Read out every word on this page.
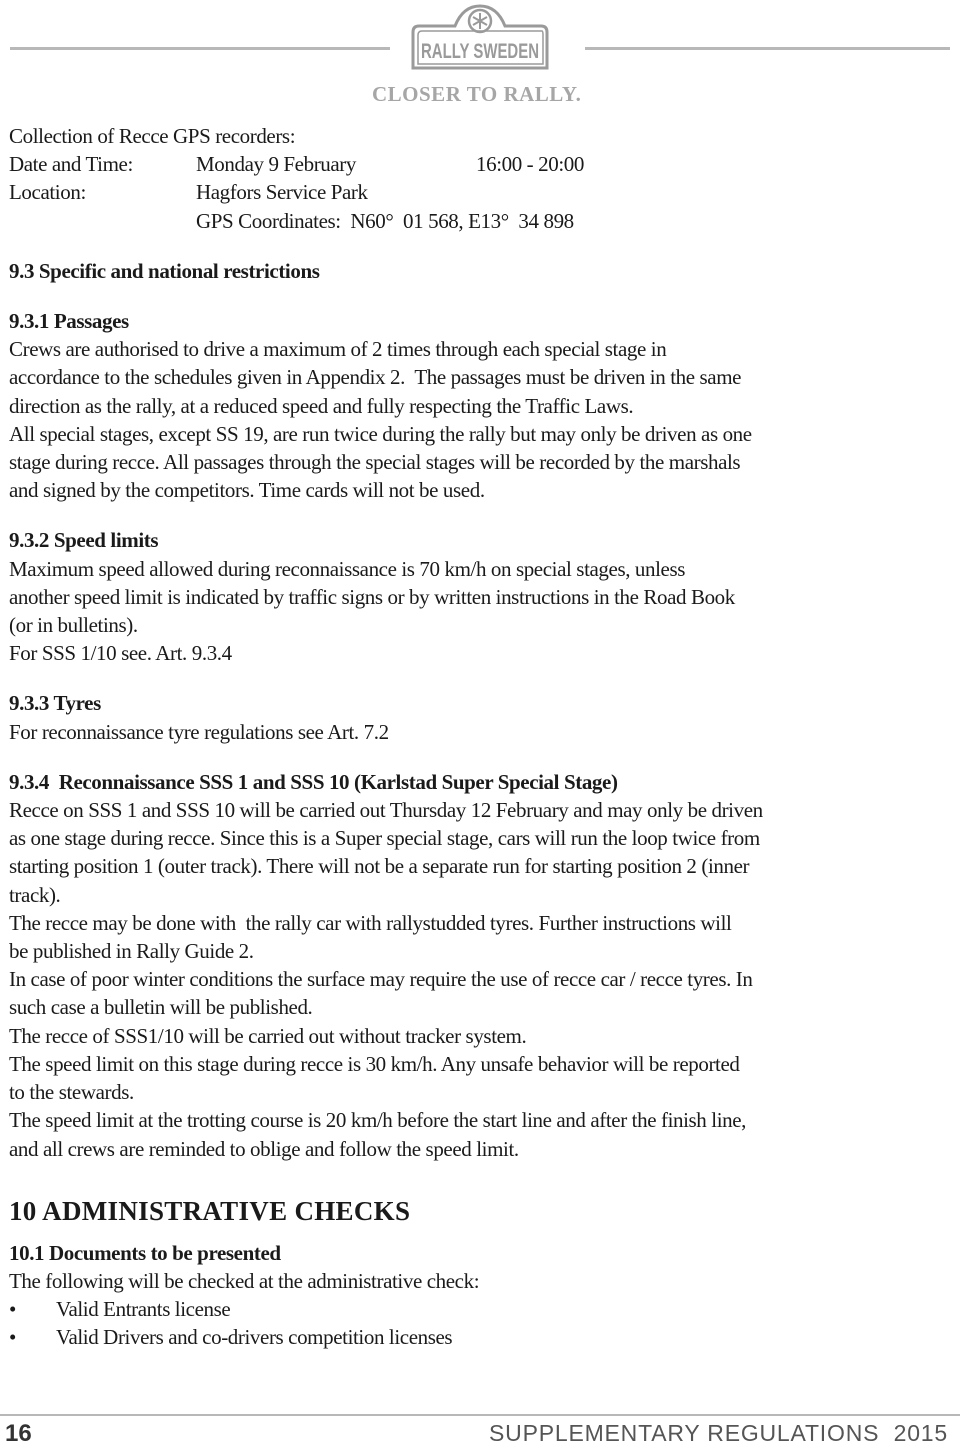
RALLY SWEDEN
CLOSER TO RALLY.
Collection of Recce GPS recorders:
Date and Time:	Monday 9 February	16:00 - 20:00
Location:	Hagfors Service Park
GPS Coordinates:  N60°  01 568, E13°  34 898
9.3 Specific and national restrictions
9.3.1 Passages
Crews are authorised to drive a maximum of 2 times through each special stage in
accordance to the schedules given in Appendix 2.  The passages must be driven in the same
direction as the rally, at a reduced speed and fully respecting the Traffic Laws.
All special stages, except SS 19, are run twice during the rally but may only be driven as one
stage during recce. All passages through the special stages will be recorded by the marshals
and signed by the competitors. Time cards will not be used.
9.3.2 Speed limits
Maximum speed allowed during reconnaissance is 70 km/h on special stages, unless
another speed limit is indicated by traffic signs or by written instructions in the Road Book
(or in bulletins).
For SSS 1/10 see. Art. 9.3.4
9.3.3 Tyres
For reconnaissance tyre regulations see Art. 7.2
9.3.4  Reconnaissance SSS 1 and SSS 10 (Karlstad Super Special Stage)
Recce on SSS 1 and SSS 10 will be carried out Thursday 12 February and may only be driven
as one stage during recce. Since this is a Super special stage, cars will run the loop twice from
starting position 1 (outer track). There will not be a separate run for starting position 2 (inner
track).
The recce may be done with  the rally car with rallystudded tyres. Further instructions will
be published in Rally Guide 2.
In case of poor winter conditions the surface may require the use of recce car / recce tyres. In
such case a bulletin will be published.
The recce of SSS1/10 will be carried out without tracker system.
The speed limit on this stage during recce is 30 km/h. Any unsafe behavior will be reported
to the stewards.
The speed limit at the trotting course is 20 km/h before the start line and after the finish line,
and all crews are reminded to oblige and follow the speed limit.
10 ADMINISTRATIVE CHECKS
10.1 Documents to be presented
The following will be checked at the administrative check:
•	Valid Entrants license
•	Valid Drivers and co-drivers competition licenses
16	SUPPLEMENTARY REGULATIONS  2015
